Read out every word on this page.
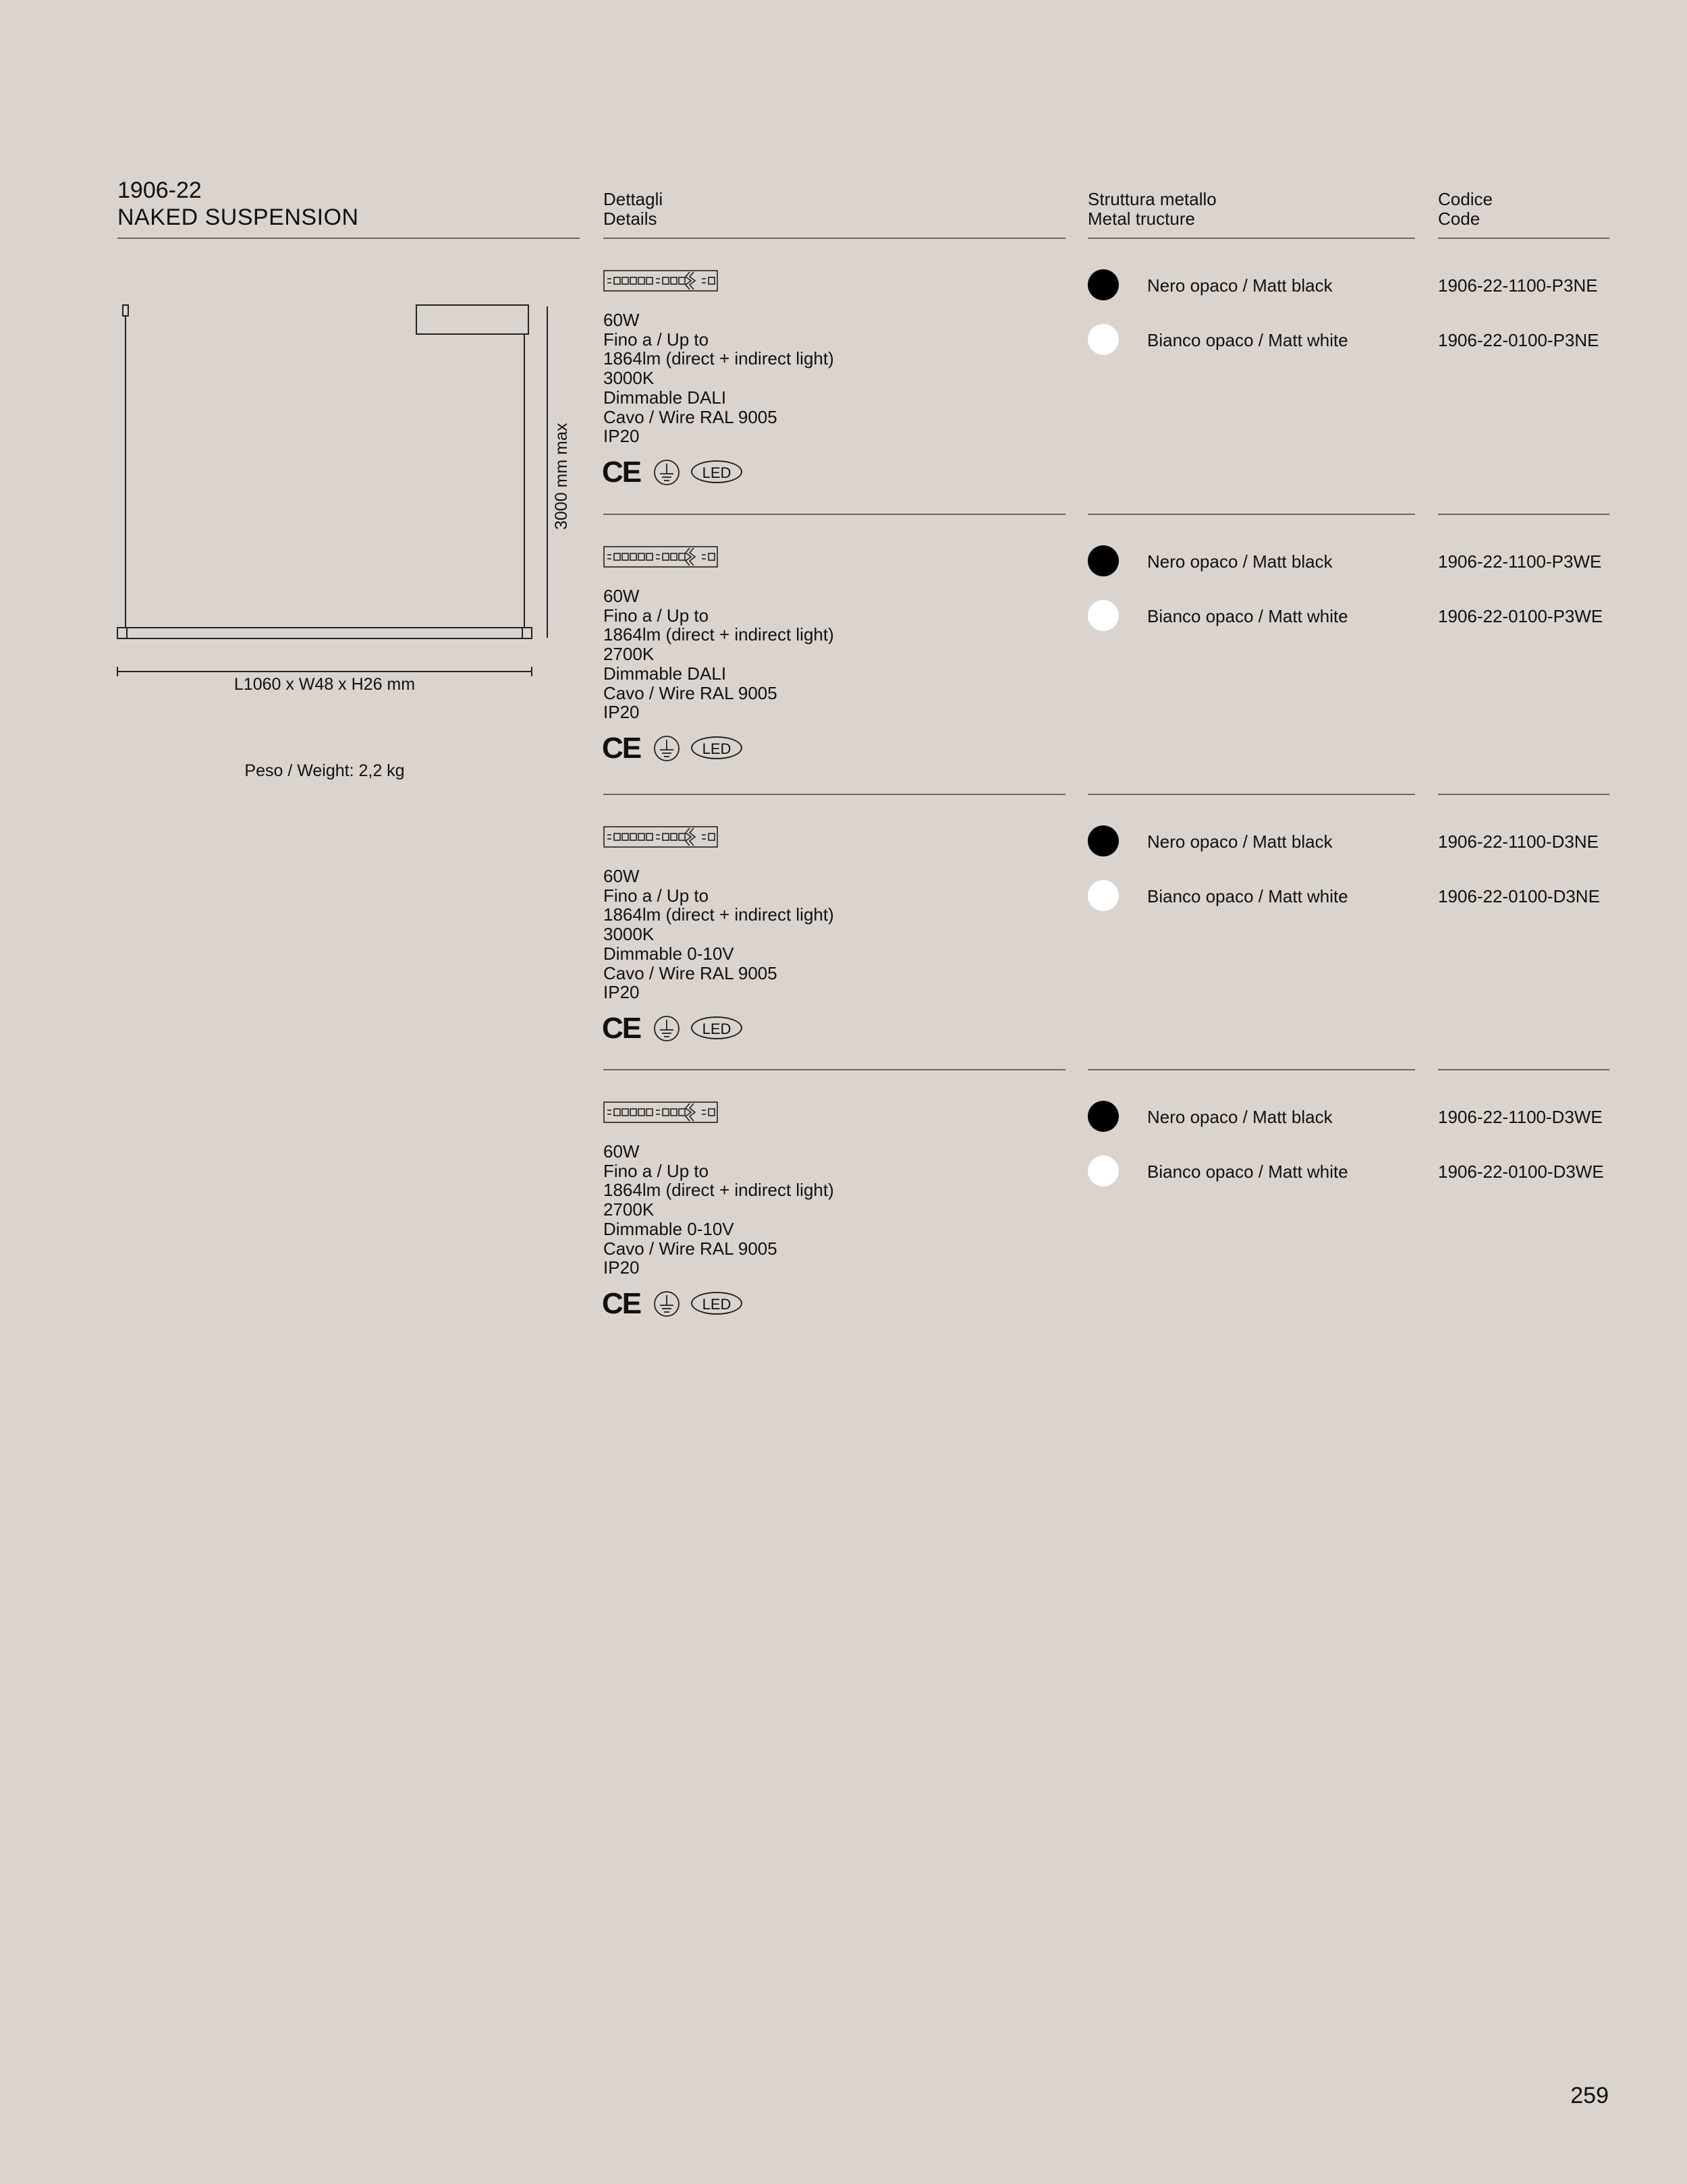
1906-22
NAKED SUSPENSION
Dettagli
Details
Struttura metallo
Metal tructure
Codice
Code
3000 mm max
L1060 x W48 x H26 mm
Peso / Weight: 2,2 kg
60W
Fino a / Up to
1864lm (direct + indirect light)
3000K
Dimmable DALI
Cavo / Wire RAL 9005
IP20
CE	LED
Nero opaco / Matt black	1906-22-1100-P3NE
Bianco opaco / Matt white	1906-22-0100-P3NE
60W
Fino a / Up to
1864lm (direct + indirect light)
2700K
Dimmable DALI
Cavo / Wire RAL 9005
IP20
CE	LED
Nero opaco / Matt black	1906-22-1100-P3WE
Bianco opaco / Matt white	1906-22-0100-P3WE
60W
Fino a / Up to
1864lm (direct + indirect light)
3000K
Dimmable 0-10V
Cavo / Wire RAL 9005
IP20
CE	LED
Nero opaco / Matt black	1906-22-1100-D3NE
Bianco opaco / Matt white	1906-22-0100-D3NE
60W
Fino a / Up to
1864lm (direct + indirect light)
2700K
Dimmable 0-10V
Cavo / Wire RAL 9005
IP20
CE	LED
Nero opaco / Matt black	1906-22-1100-D3WE
Bianco opaco / Matt white	1906-22-0100-D3WE
259
